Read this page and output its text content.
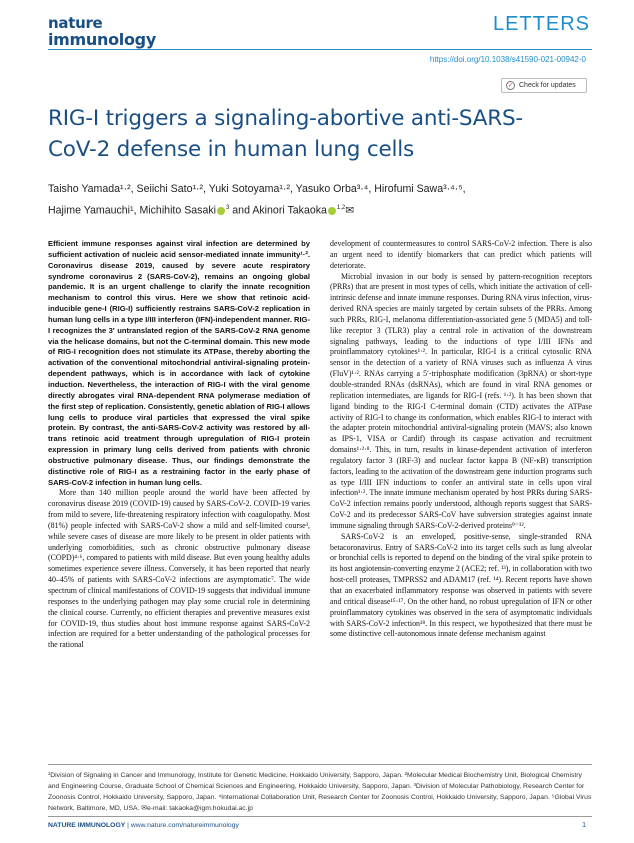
nature
immunology
LETTERS
https://doi.org/10.1038/s41590-021-00942-0
✓ Check for updates
RIG-I triggers a signaling-abortive anti-SARS-CoV-2 defense in human lung cells
Taisho Yamada¹·², Seiichi Sato¹·², Yuki Sotoyama¹·², Yasuko Orba³·⁴, Hirofumi Sawa³·⁴·⁵,
Hajime Yamauchi¹, Michihito Sasaki $^3$ and Akinori Takaoka $^{1,2}$✉

Efficient immune responses against viral infection are determined by sufficient activation of nucleic acid sensor-mediated innate immunity¹·². Coronavirus disease 2019, caused by severe acute respiratory syndrome coronavirus 2 (SARS-CoV-2), remains an ongoing global pandemic. It is an urgent challenge to clarify the innate recognition mechanism to control this virus. Here we show that retinoic acid-inducible gene-I (RIG-I) sufficiently restrains SARS-CoV-2 replication in human lung cells in a type I/III interferon (IFN)-independent manner. RIG-I recognizes the 3′ untranslated region of the SARS-CoV-2 RNA genome via the helicase domains, but not the C-terminal domain. This new mode of RIG-I recognition does not stimulate its ATPase, thereby aborting the activation of the conventional mitochondrial antiviral-signaling protein-dependent pathways, which is in accordance with lack of cytokine induction. Nevertheless, the interaction of RIG-I with the viral genome directly abrogates viral RNA-dependent RNA polymerase mediation of the first step of replication. Consistently, genetic ablation of RIG-I allows lung cells to produce viral particles that expressed the viral spike protein. By contrast, the anti-SARS-CoV-2 activity was restored by all-trans retinoic acid treatment through upregulation of RIG-I protein expression in primary lung cells derived from patients with chronic obstructive pulmonary disease. Thus, our findings demonstrate the distinctive role of RIG-I as a restraining factor in the early phase of SARS-CoV-2 infection in human lung cells.

More than 140 million people around the world have been affected by coronavirus disease 2019 (COVID-19) caused by SARS-CoV-2. COVID-19 varies from mild to severe, life-threatening respiratory infection with coagulopathy. Most (81%) people infected with SARS-CoV-2 show a mild and self-limited course³, while severe cases of disease are more likely to be present in older patients with underlying comorbidities, such as chronic obstructive pulmonary disease (COPD)⁴·⁶, compared to patients with mild disease. But even young healthy adults sometimes experience severe illness. Conversely, it has been reported that nearly 40–45% of patients with SARS-CoV-2 infections are asymptomatic⁷. The wide spectrum of clinical manifestations of COVID-19 suggests that individual immune responses to the underlying pathogen may play some crucial role in determining the clinical course. Currently, no efficient therapies and preventive measures exist for COVID-19, thus studies about host immune response against SARS-CoV-2 infection are required for a better understanding of the pathological processes for the rational

development of countermeasures to control SARS-CoV-2 infection. There is also an urgent need to identify biomarkers that can predict which patients will deteriorate.

Microbial invasion in our body is sensed by pattern-recognition receptors (PRRs) that are present in most types of cells, which initiate the activation of cell-intrinsic defense and innate immune responses. During RNA virus infection, virus-derived RNA species are mainly targeted by certain subsets of the PRRs. Among such PRRs, RIG-I, melanoma differentiation-associated gene 5 (MDA5) and toll-like receptor 3 (TLR3) play a central role in activation of the downstream signaling pathways, leading to the inductions of type I/III IFNs and proinflammatory cytokines¹·². In particular, RIG-I is a critical cytosolic RNA sensor in the detection of a variety of RNA viruses such as influenza A virus (FluV)¹·². RNAs carrying a 5′-triphosphate modification (3pRNA) or short-type double-stranded RNAs (dsRNAs), which are found in viral RNA genomes or replication intermediates, are ligands for RIG-I (refs. ¹·²). It has been shown that ligand binding to the RIG-I C-terminal domain (CTD) activates the ATPase activity of RIG-I to change its conformation, which enables RIG-I to interact with the adapter protein mitochondrial antiviral-signaling protein (MAVS; also known as IPS-1, VISA or Cardif) through its caspase activation and recruitment domains¹·²·⁸. This, in turn, results in kinase-dependent activation of interferon regulatory factor 3 (IRF-3) and nuclear factor kappa B (NF-κB) transcription factors, leading to the activation of the downstream gene induction programs such as type I/III IFN inductions to confer an antiviral state in cells upon viral infection¹·². The innate immune mechanism operated by host PRRs during SARS-CoV-2 infection remains poorly understood, although reports suggest that SARS-CoV-2 and its predecessor SARS-CoV have subversion strategies against innate immune signaling through SARS-CoV-2-derived proteins⁹⁻¹².

SARS-CoV-2 is an enveloped, positive-sense, single-stranded RNA betacoronavirus. Entry of SARS-CoV-2 into its target cells such as lung alveolar or bronchial cells is reported to depend on the binding of the viral spike protein to its host angiotensin-converting enzyme 2 (ACE2; ref. ¹³), in collaboration with two host-cell proteases, TMPRSS2 and ADAM17 (ref. ¹⁴). Recent reports have shown that an exacerbated inflammatory response was observed in patients with severe and critical disease¹⁵·¹⁷. On the other hand, no robust upregulation of IFN or other proinflammatory cytokines was observed in the sera of asymptomatic individuals with SARS-CoV-2 infection¹⁸. In this respect, we hypothesized that there must be some distinctive cell-autonomous innate defense mechanism against

¹Division of Signaling in Cancer and Immunology, Institute for Genetic Medicine, Hokkaido University, Sapporo, Japan. ²Molecular Medical Biochemistry Unit, Biological Chemistry and Engineering Course, Graduate School of Chemical Sciences and Engineering, Hokkaido University, Sapporo, Japan. ³Division of Molecular Pathobiology, Research Center for Zoonosis Control, Hokkaido University, Sapporo, Japan. ⁴International Collaboration Unit, Research Center for Zoonosis Control, Hokkaido University, Sapporo, Japan. ⁵Global Virus Network, Baltimore, MD, USA. ✉e-mail: takaoka@igm.hokudai.ac.jp
NATURE IMMUNOLOGY | www.nature.com/natureimmunology	1
